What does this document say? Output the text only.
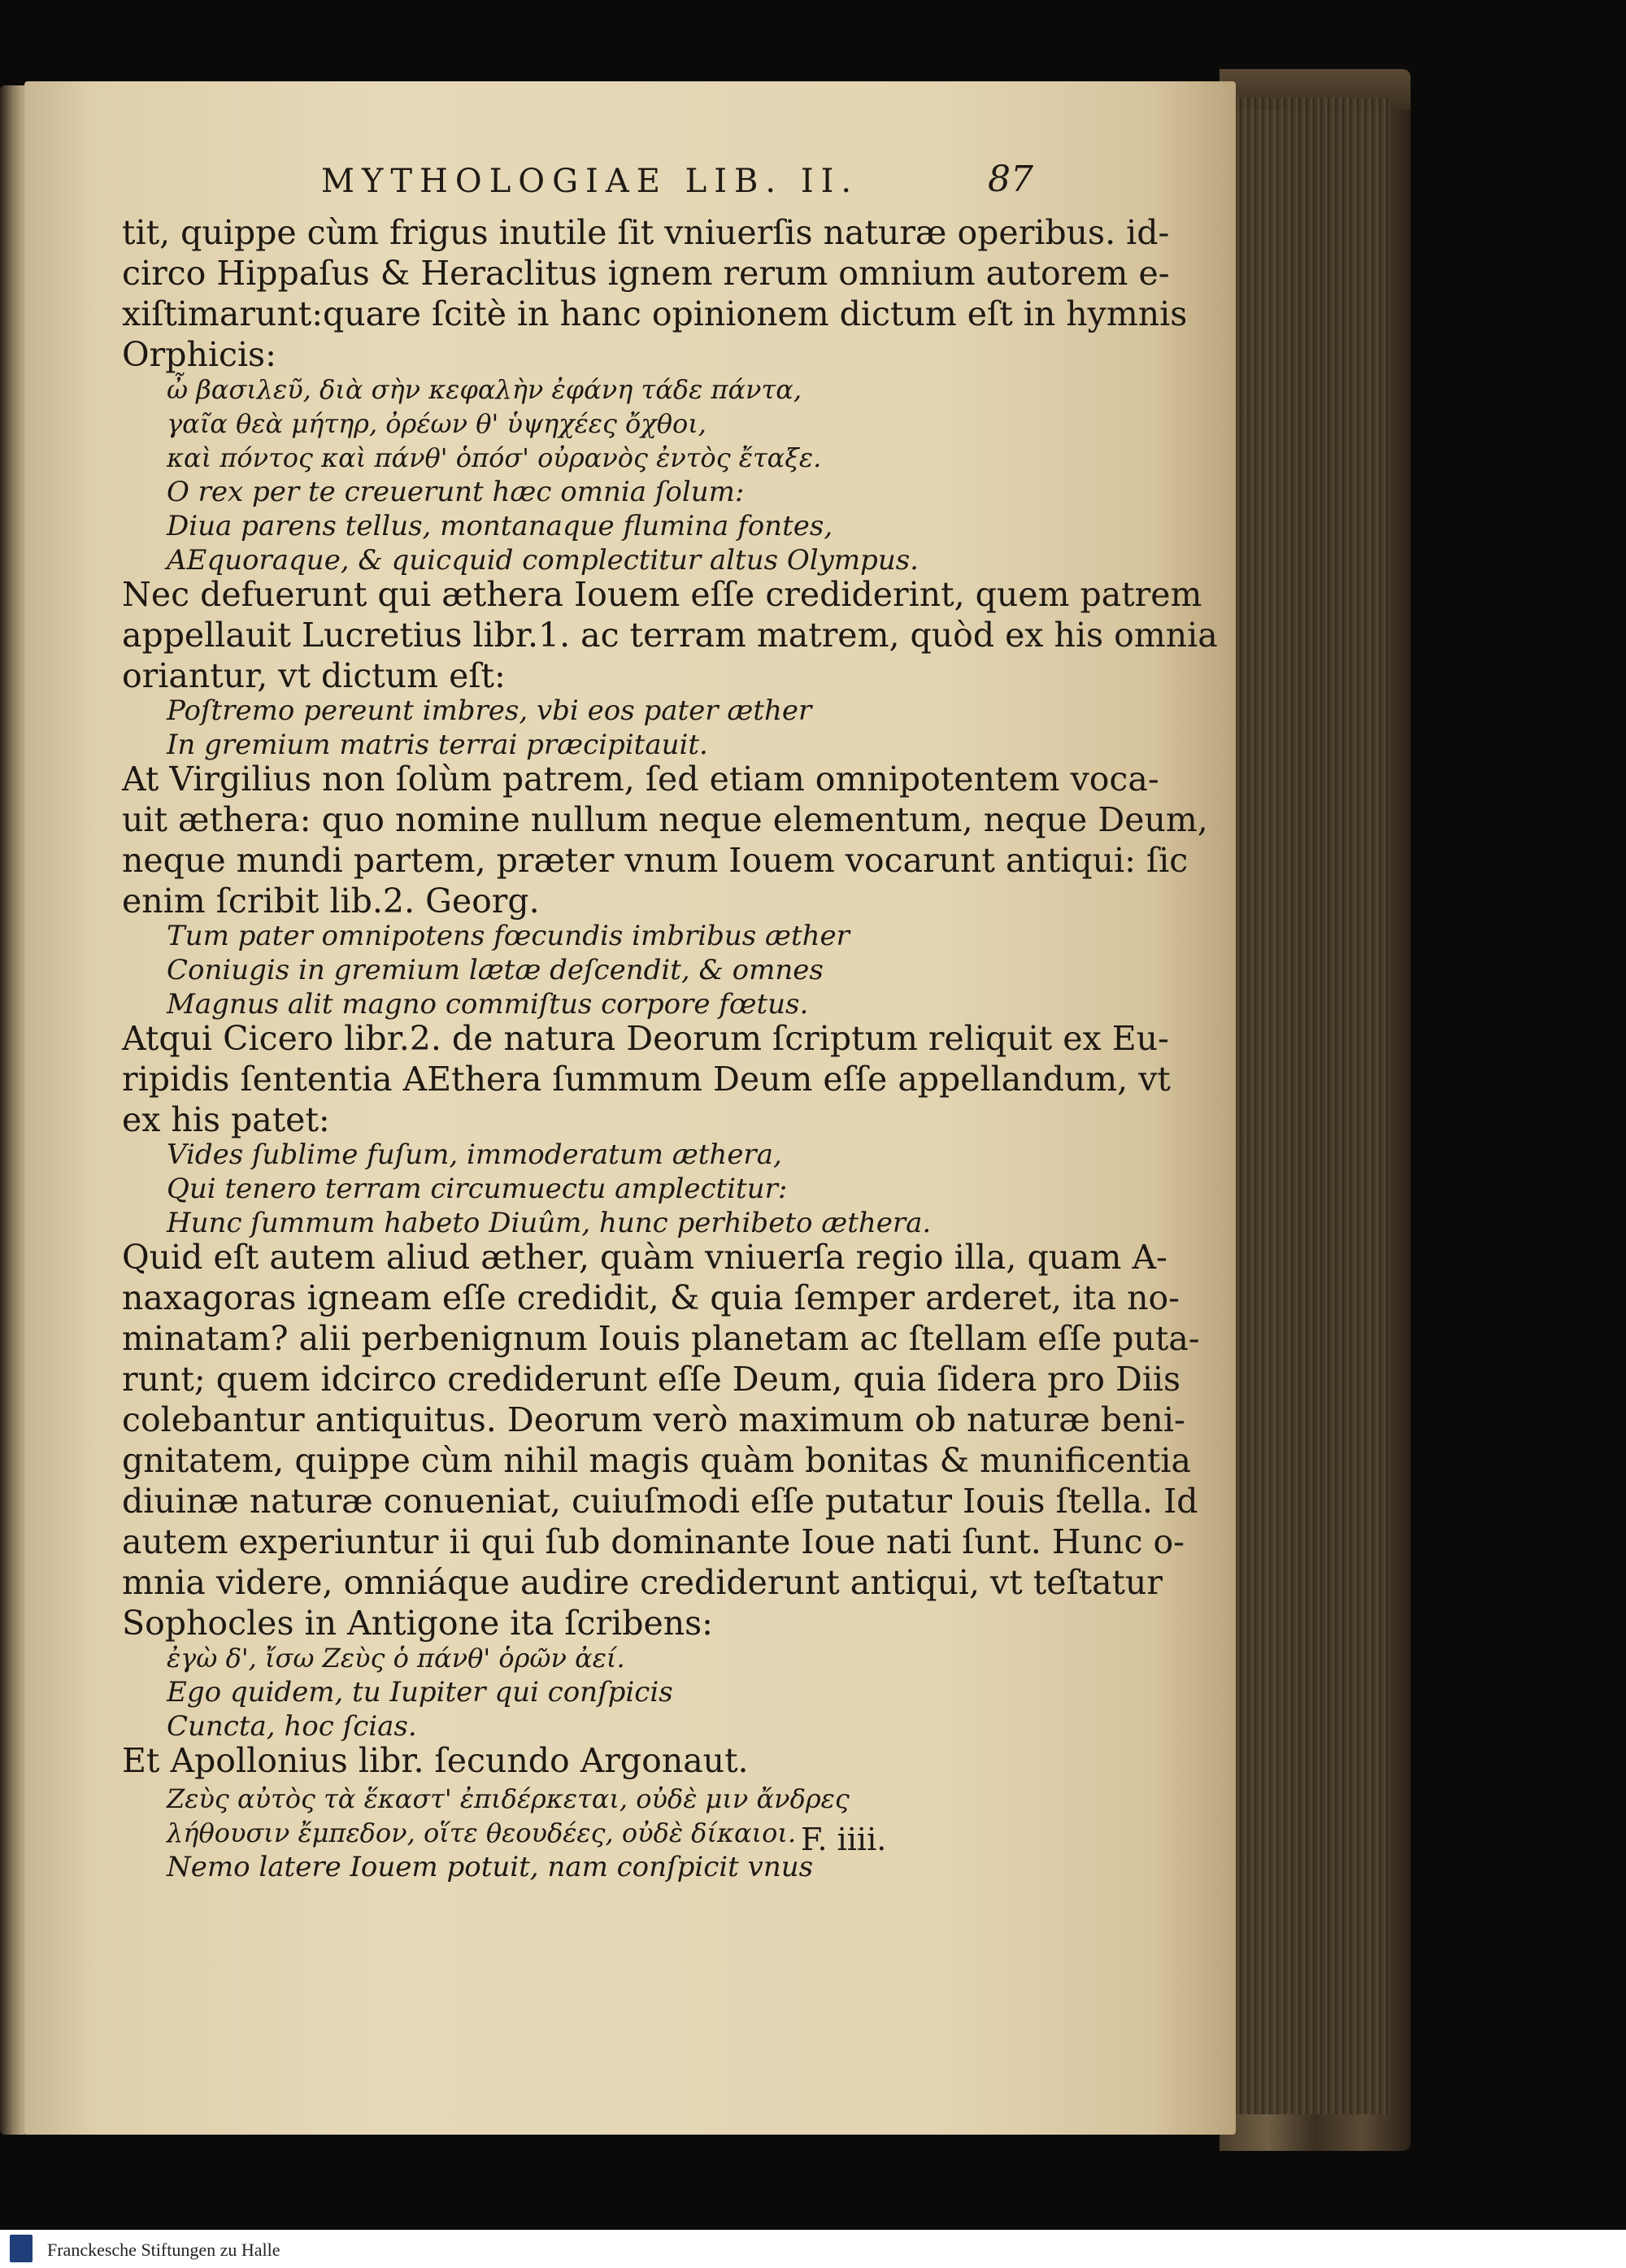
MYTHOLOGIAE LIB. II.	87
tit, quippe cùm frigus inutile ſit vniuerſis naturæ operibus. id-
circo Hippaſus & Heraclitus ignem rerum omnium autorem e-
xiſtimarunt:quare ſcitè in hanc opinionem dictum eſt in hymnis
Orphicis:
ὦ βασιλεῦ, διὰ σὴν κεφαλὴν ἐφάνη τάδε πάντα,
γαῖα θεὰ μήτηρ, ὀρέων θ' ὑψηχέες ὄχθοι,
καὶ πόντος καὶ πάνθ' ὁπόσ' οὐρανὸς ἐντὸς ἔταξε.
O rex per te creuerunt hæc omnia ſolum:
Diua parens tellus, montanaque flumina fontes,
AEquoraque, & quicquid complectitur altus Olympus.
Nec defuerunt qui æthera Iouem eſſe crediderint, quem patrem
appellauit Lucretius libr.1. ac terram matrem, quòd ex his omnia
oriantur, vt dictum eſt:
Poſtremo pereunt imbres, vbi eos pater æther
In gremium matris terrai præcipitauit.
At Virgilius non ſolùm patrem, ſed etiam omnipotentem voca-
uit æthera: quo nomine nullum neque elementum, neque Deum,
neque mundi partem, præter vnum Iouem vocarunt antiqui: ſic
enim ſcribit lib.2. Georg.
Tum pater omnipotens fœcundis imbribus æther
Coniugis in gremium lætæ deſcendit, & omnes
Magnus alit magno commiſtus corpore fœtus.
Atqui Cicero libr.2. de natura Deorum ſcriptum reliquit ex Eu-
ripidis ſententia AEthera ſummum Deum eſſe appellandum, vt
ex his patet:
Vides ſublime fuſum, immoderatum æthera,
Qui tenero terram circumuectu amplectitur:
Hunc ſummum habeto Diuûm, hunc perhibeto æthera.
Quid eſt autem aliud æther, quàm vniuerſa regio illa, quam A-
naxagoras igneam eſſe credidit, & quia ſemper arderet, ita no-
minatam? alii perbenignum Iouis planetam ac ſtellam eſſe puta-
runt; quem idcirco crediderunt eſſe Deum, quia ſidera pro Diis
colebantur antiquitus. Deorum verò maximum ob naturæ beni-
gnitatem, quippe cùm nihil magis quàm bonitas & munificentia
diuinæ naturæ conueniat, cuiuſmodi eſſe putatur Iouis ſtella. Id
autem experiuntur ii qui ſub dominante Ioue nati ſunt. Hunc o-
mnia videre, omniáque audire crediderunt antiqui, vt teſtatur
Sophocles in Antigone ita ſcribens:
ἐγὼ δ', ἴσω Ζεὺς ὁ πάνθ' ὁρῶν ἀεί.
Ego quidem, tu Iupiter qui conſpicis
Cuncta, hoc ſcias.
Et Apollonius libr. ſecundo Argonaut.
Ζεὺς αὐτὸς τὰ ἕκαστ' ἐπιδέρκεται, οὐδὲ μιν ἄνδρες
λήθουσιν ἔμπεδον, οἵτε θεουδέες, οὐδὲ δίκαιοι.
Nemo latere Iouem potuit, nam conſpicit vnus
F. iiii.
Franckesche Stiftungen zu Halle
